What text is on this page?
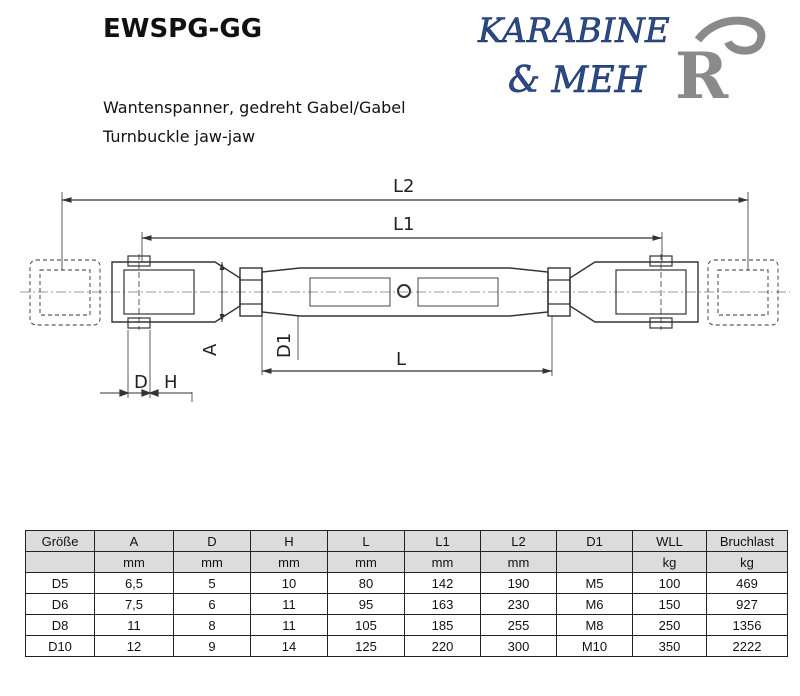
EWSPG-GG
Wantenspanner, gedreht Gabel/Gabel
Turnbuckle jaw-jaw
KARABINE
& MEH R
L2
L1
L
D H
A	D1
Größe	A	D	H	L	L1	L2	D1	WLL	Bruchlast
	mm	mm	mm	mm	mm	mm		kg	kg
D5	6,5	5	10	80	142	190	M5	100	469
D6	7,5	6	11	95	163	230	M6	150	927
D8	11	8	11	105	185	255	M8	250	1356
D10	12	9	14	125	220	300	M10	350	2222
